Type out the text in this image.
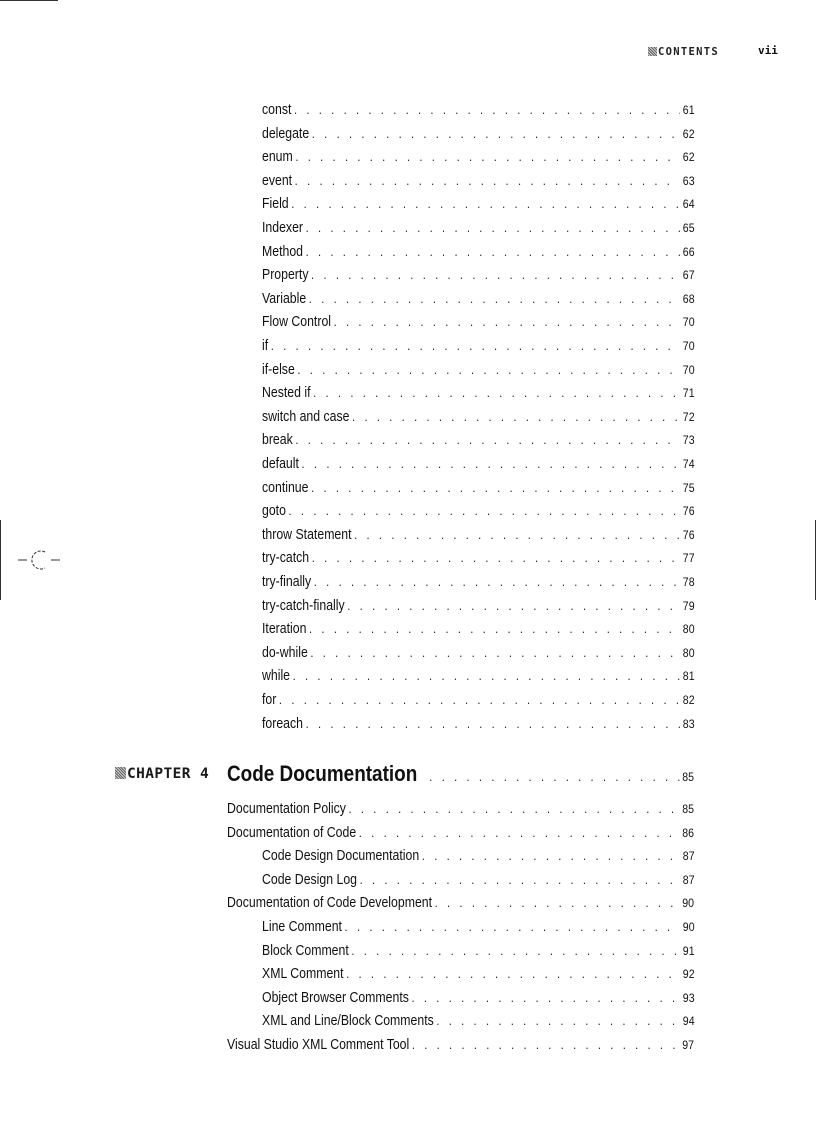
CONTENTS	vii
const . . .	61
delegate . . .	62
enum . . .	62
event . . .	63
Field . . .	64
Indexer . . .	65
Method . . .	66
Property . . .	67
Variable . . .	68
Flow Control . . .	70
if . . .	70
if-else . . .	70
Nested if . . .	71
switch and case . . .	72
break . . .	73
default . . .	74
continue . . .	75
goto . . .	76
throw Statement . . .	76
try-catch . . .	77
try-finally . . .	78
try-catch-finally . . .	79
Iteration . . .	80
do-while . . .	80
while . . .	81
for . . .	82
foreach . . .	83
CHAPTER 4 Code Documentation . . .	85
Documentation Policy . . .	85
Documentation of Code . . .	86
Code Design Documentation . . .	87
Code Design Log . . .	87
Documentation of Code Development . . .	90
Line Comment . . .	90
Block Comment . . .	91
XML Comment . . .	92
Object Browser Comments . . .	93
XML and Line/Block Comments . . .	94
Visual Studio XML Comment Tool . . .	97
